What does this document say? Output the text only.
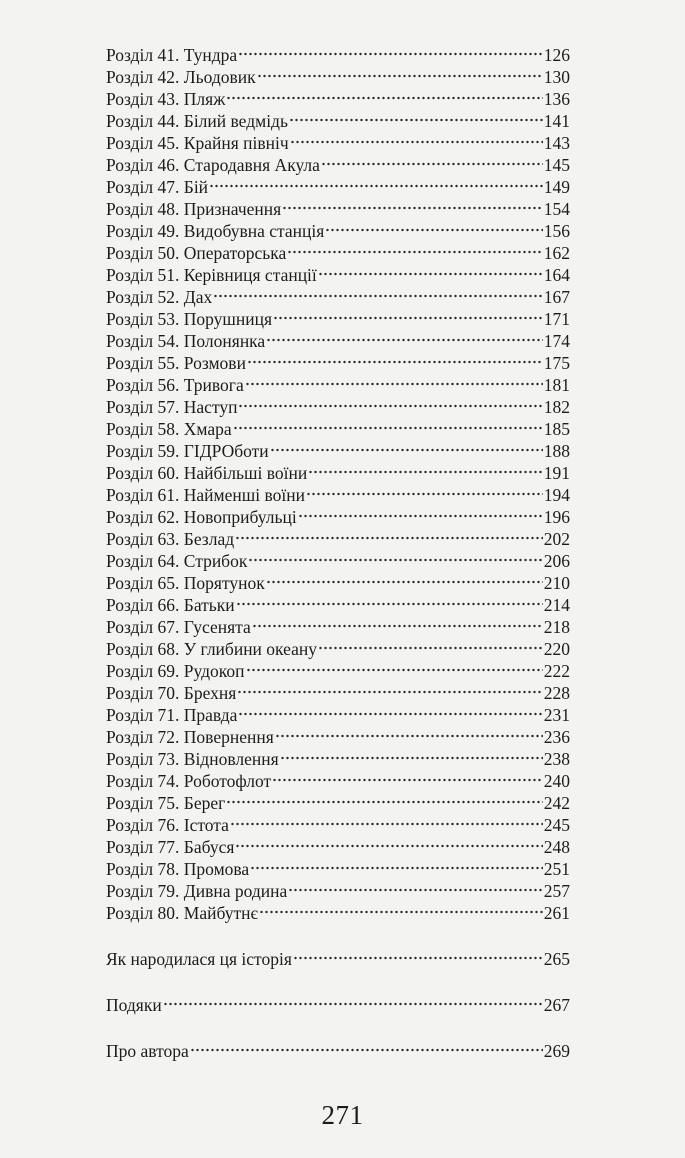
Розділ 41. Тундра	126
Розділ 42. Льодовик	130
Розділ 43. Пляж	136
Розділ 44. Білий ведмідь	141
Розділ 45. Крайня північ	143
Розділ 46. Стародавня Акула	145
Розділ 47. Бій	149
Розділ 48. Призначення	154
Розділ 49. Видобувна станція	156
Розділ 50. Операторська	162
Розділ 51. Керівниця станції	164
Розділ 52. Дах	167
Розділ 53. Порушниця	171
Розділ 54. Полонянка	174
Розділ 55. Розмови	175
Розділ 56. Тривога	181
Розділ 57. Наступ	182
Розділ 58. Хмара	185
Розділ 59. ГІДРОботи	188
Розділ 60. Найбільші воїни	191
Розділ 61. Найменші воїни	194
Розділ 62. Новоприбульці	196
Розділ 63. Безлад	202
Розділ 64. Стрибок	206
Розділ 65. Порятунок	210
Розділ 66. Батьки	214
Розділ 67. Гусенята	218
Розділ 68. У глибини океану	220
Розділ 69. Рудокоп	222
Розділ 70. Брехня	228
Розділ 71. Правда	231
Розділ 72. Повернення	236
Розділ 73. Відновлення	238
Розділ 74. Роботофлот	240
Розділ 75. Берег	242
Розділ 76. Істота	245
Розділ 77. Бабуся	248
Розділ 78. Промова	251
Розділ 79. Дивна родина	257
Розділ 80. Майбутнє	261
Як народилася ця історія	265
Подяки	267
Про автора	269
271
